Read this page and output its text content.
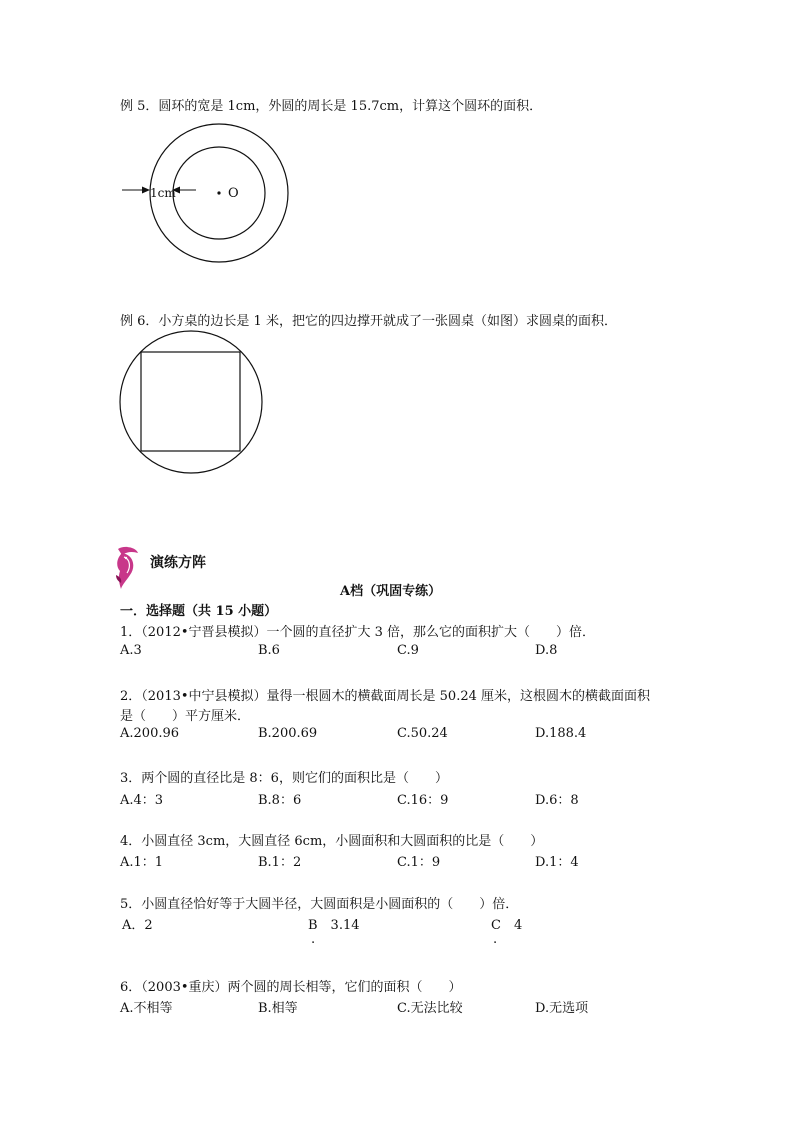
例 5．圆环的宽是 1cm，外圆的周长是 15.7cm，计算这个圆环的面积．
1cm	O
例 6．小方桌的边长是 1 米，把它的四边撑开就成了一张圆桌（如图）求圆桌的面积．
演练方阵
A档（巩固专练）
一．选择题（共 15 小题）
1．（2012•宁晋县模拟）一个圆的直径扩大 3 倍，那么它的面积扩大（　　）倍．
A.3	B.6	C.9	D.8
2．（2013•中宁县模拟）量得一根圆木的横截面周长是 50.24 厘米，这根圆木的横截面面积
是（　　）平方厘米．
A.200.96	B.200.69	C.50.24	D.188.4
3．两个圆的直径比是 8：6，则它们的面积比是（　　）
A.4：3	B.8：6	C.16：9	D.6：8
4．小圆直径 3cm，大圆直径 6cm，小圆面积和大圆面积的比是（　　）
A.1：1	B.1：2	C.1：9	D.1：4
5．小圆直径恰好等于大圆半径，大圆面积是小圆面积的（　　）倍．
A．2	B　3.14	C　4
.	.
6．（2003•重庆）两个圆的周长相等，它们的面积（　　）
A.不相等	B.相等	C.无法比较	D.无选项
